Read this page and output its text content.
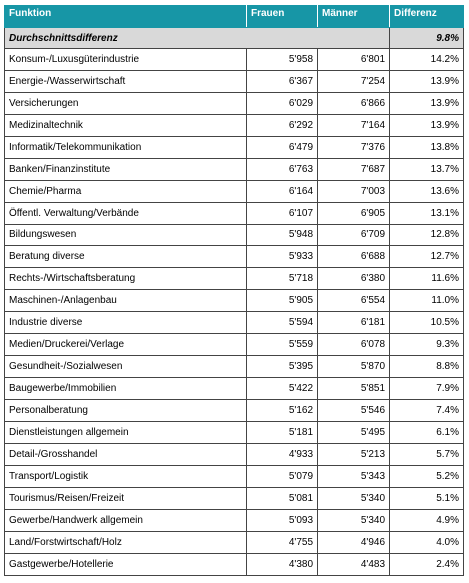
Funktion	Frauen	Männer	Differenz
Durchschnittsdifferenz			9.8%
Konsum-/Luxusgüterindustrie	5'958	6'801	14.2%
Energie-/Wasserwirtschaft	6'367	7'254	13.9%
Versicherungen	6'029	6'866	13.9%
Medizinaltechnik	6'292	7'164	13.9%
Informatik/Telekommunikation	6'479	7'376	13.8%
Banken/Finanzinstitute	6'763	7'687	13.7%
Chemie/Pharma	6'164	7'003	13.6%
Öffentl. Verwaltung/Verbände	6'107	6'905	13.1%
Bildungswesen	5'948	6'709	12.8%
Beratung diverse	5'933	6'688	12.7%
Rechts-/Wirtschaftsberatung	5'718	6'380	11.6%
Maschinen-/Anlagenbau	5'905	6'554	11.0%
Industrie diverse	5'594	6'181	10.5%
Medien/Druckerei/Verlage	5'559	6'078	9.3%
Gesundheit-/Sozialwesen	5'395	5'870	8.8%
Baugewerbe/Immobilien	5'422	5'851	7.9%
Personalberatung	5'162	5'546	7.4%
Dienstleistungen allgemein	5'181	5'495	6.1%
Detail-/Grosshandel	4'933	5'213	5.7%
Transport/Logistik	5'079	5'343	5.2%
Tourismus/Reisen/Freizeit	5'081	5'340	5.1%
Gewerbe/Handwerk allgemein	5'093	5'340	4.9%
Land/Forstwirtschaft/Holz	4'755	4'946	4.0%
Gastgewerbe/Hotellerie	4'380	4'483	2.4%
